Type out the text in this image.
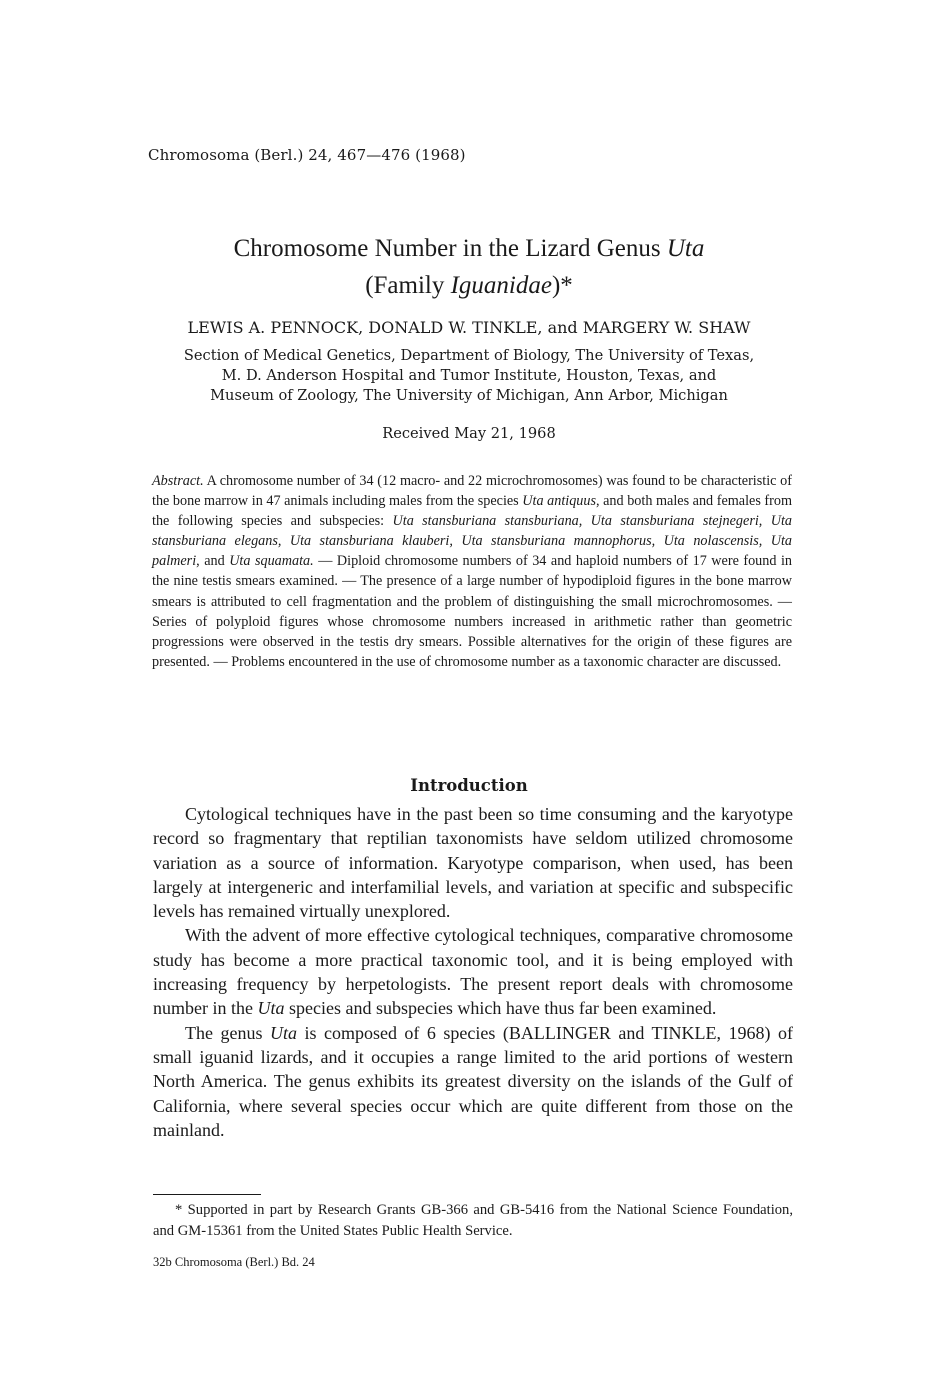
Chromosoma (Berl.) 24, 467—476 (1968)
Chromosome Number in the Lizard Genus Uta
(Family Iguanidae)*
LEWIS A. PENNOCK, DONALD W. TINKLE, and MARGERY W. SHAW
Section of Medical Genetics, Department of Biology, The University of Texas,
M. D. Anderson Hospital and Tumor Institute, Houston, Texas, and
Museum of Zoology, The University of Michigan, Ann Arbor, Michigan
Received May 21, 1968
Abstract. A chromosome number of 34 (12 macro- and 22 microchromosomes) was found to be characteristic of the bone marrow in 47 animals including males from the species Uta antiquus, and both males and females from the following species and subspecies: Uta stansburiana stansburiana, Uta stansburiana stejnegeri, Uta stansburiana elegans, Uta stansburiana klauberi, Uta stansburiana mannophorus, Uta nolascensis, Uta palmeri, and Uta squamata. — Diploid chromosome numbers of 34 and haploid numbers of 17 were found in the nine testis smears examined. — The presence of a large number of hypodiploid figures in the bone marrow smears is attributed to cell fragmentation and the problem of distinguishing the small microchromosomes. — Series of polyploid figures whose chromosome numbers increased in arithmetic rather than geometric progressions were observed in the testis dry smears. Possible alternatives for the origin of these figures are presented. — Problems encountered in the use of chromosome number as a taxonomic character are discussed.
Introduction

Cytological techniques have in the past been so time consuming and the karyotype record so fragmentary that reptilian taxonomists have seldom utilized chromosome variation as a source of information. Karyotype comparison, when used, has been largely at intergeneric and interfamilial levels, and variation at specific and subspecific levels has remained virtually unexplored.

With the advent of more effective cytological techniques, comparative chromosome study has become a more practical taxonomic tool, and it is being employed with increasing frequency by herpetologists. The present report deals with chromosome number in the Uta species and subspecies which have thus far been examined.

The genus Uta is composed of 6 species (BALLINGER and TINKLE, 1968) of small iguanid lizards, and it occupies a range limited to the arid portions of western North America. The genus exhibits its greatest diversity on the islands of the Gulf of California, where several species occur which are quite different from those on the mainland.

* Supported in part by Research Grants GB-366 and GB-5416 from the National Science Foundation, and GM-15361 from the United States Public Health Service.
32b Chromosoma (Berl.) Bd. 24
